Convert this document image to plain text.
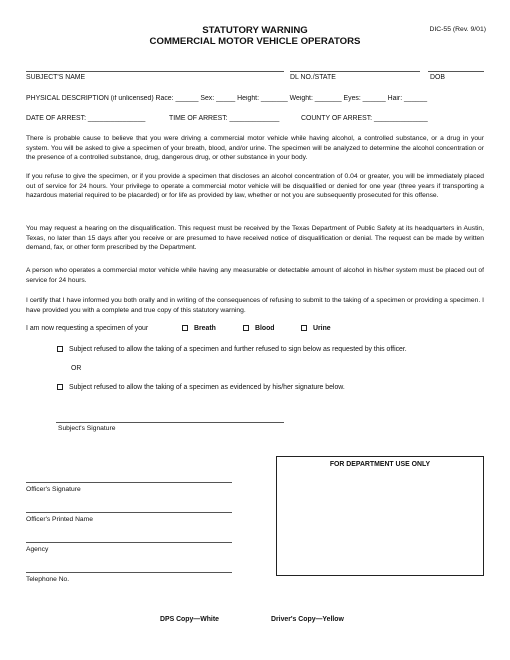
STATUTORY WARNING
COMMERCIAL MOTOR VEHICLE OPERATORS
DIC-55 (Rev. 9/01)
SUBJECT'S NAME	DL NO./STATE	DOB
PHYSICAL DESCRIPTION (if unlicensed) Race: ______ Sex: _____ Height: _______ Weight: _______ Eyes: ______ Hair: ______
DATE OF ARREST: _______________	TIME OF ARREST: _____________	COUNTY OF ARREST: ______________
There is probable cause to believe that you were driving a commercial motor vehicle while having alcohol, a controlled substance, or a drug in your system. You will be asked to give a specimen of your breath, blood, and/or urine. The specimen will be analyzed to determine the alcohol concentration or the presence of a controlled substance, drug, dangerous drug, or other substance in your body.
If you refuse to give the specimen, or if you provide a specimen that discloses an alcohol concentration of 0.04 or greater, you will be immediately placed out of service for 24 hours. Your privilege to operate a commercial motor vehicle will be disqualified or denied for one year (three years if transporting a hazardous material required to be placarded) or for life as provided by law, whether or not you are subsequently prosecuted for this offense.
You may request a hearing on the disqualification. This request must be received by the Texas Department of Public Safety at its headquarters in Austin, Texas, no later than 15 days after you receive or are presumed to have received notice of disqualification or denial. The request can be made by written demand, fax, or other form prescribed by the Department.
A person who operates a commercial motor vehicle while having any measurable or detectable amount of alcohol in his/her system must be placed out of service for 24 hours.
I certify that I have informed you both orally and in writing of the consequences of refusing to submit to the taking of a specimen or providing a specimen. I have provided you with a complete and true copy of this statutory warning.
I am now requesting a specimen of your	Breath	Blood	Urine
Subject refused to allow the taking of a specimen and further refused to sign below as requested by this officer.
OR
Subject refused to allow the taking of a specimen as evidenced by his/her signature below.
Subject's Signature
Officer's Signature
Officer's Printed Name
Agency
Telephone No.
FOR DEPARTMENT USE ONLY
DPS Copy—White	Driver's Copy—Yellow
